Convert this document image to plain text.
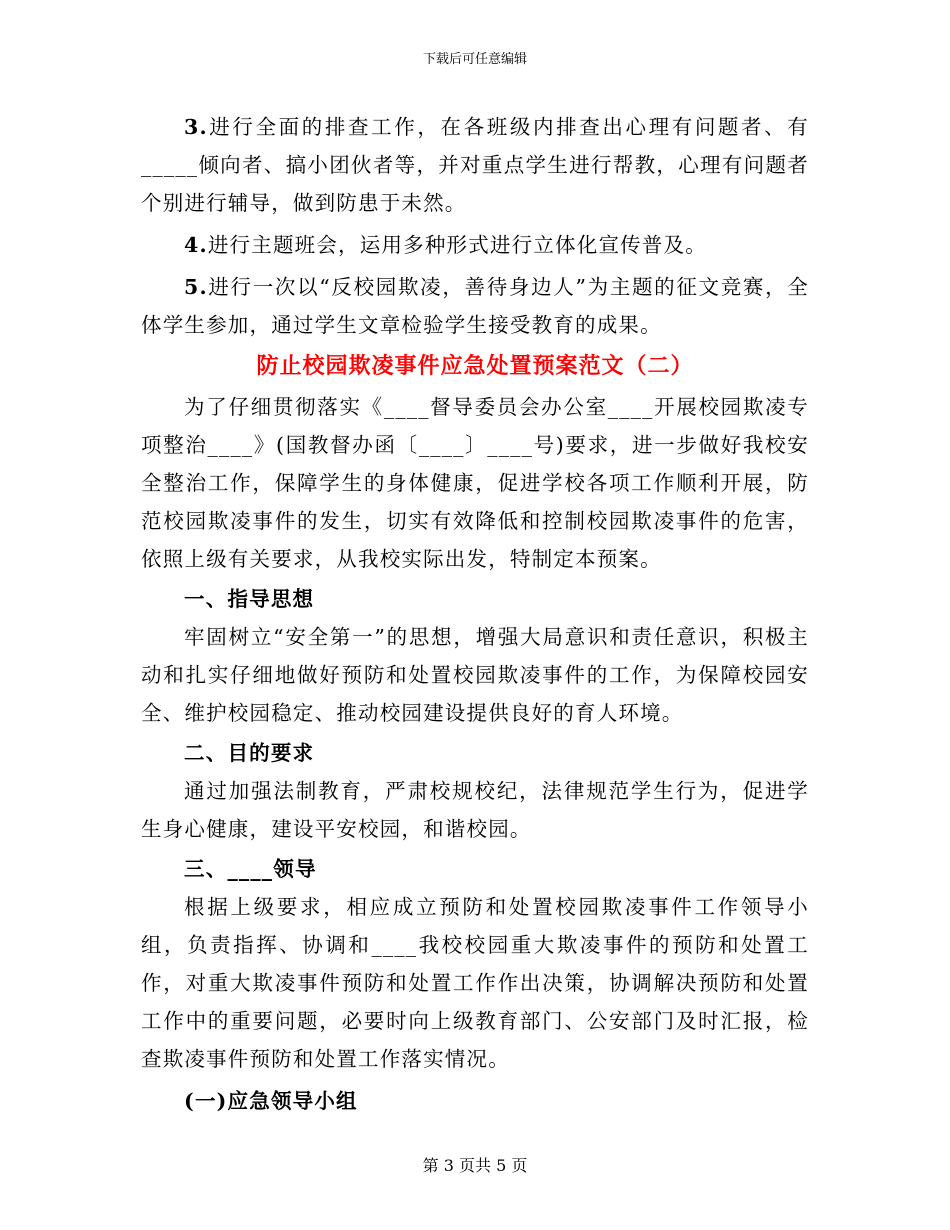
下载后可任意编辑

3.进行全面的排查工作，在各班级内排查出心理有问题者、有_____倾向者、搞小团伙者等，并对重点学生进行帮教，心理有问题者个别进行辅导，做到防患于未然。

4.进行主题班会，运用多种形式进行立体化宣传普及。

5.进行一次以“反校园欺凌，善待身边人”为主题的征文竞赛，全体学生参加，通过学生文章检验学生接受教育的成果。

防止校园欺凌事件应急处置预案范文（二）

为了仔细贯彻落实《____督导委员会办公室____开展校园欺凌专项整治____》(国教督办函〔____〕____号)要求，进一步做好我校安全整治工作，保障学生的身体健康，促进学校各项工作顺利开展，防范校园欺凌事件的发生，切实有效降低和控制校园欺凌事件的危害，依照上级有关要求，从我校实际出发，特制定本预案。

一、指导思想

牢固树立“安全第一”的思想，增强大局意识和责任意识，积极主动和扎实仔细地做好预防和处置校园欺凌事件的工作，为保障校园安全、维护校园稳定、推动校园建设提供良好的育人环境。

二、目的要求

通过加强法制教育，严肃校规校纪，法律规范学生行为，促进学生身心健康，建设平安校园，和谐校园。

三、____领导

根据上级要求，相应成立预防和处置校园欺凌事件工作领导小组，负责指挥、协调和____我校校园重大欺凌事件的预防和处置工作，对重大欺凌事件预防和处置工作作出决策，协调解决预防和处置工作中的重要问题，必要时向上级教育部门、公安部门及时汇报，检查欺凌事件预防和处置工作落实情况。

(一)应急领导小组

第 3 页共 5 页
